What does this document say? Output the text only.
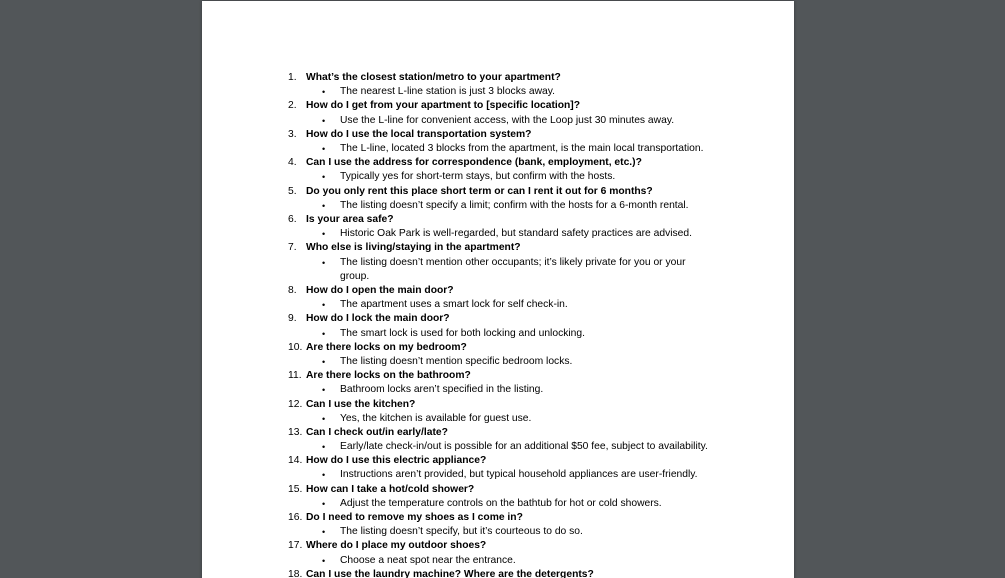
1. What’s the closest station/metro to your apartment?
•	The nearest L-line station is just 3 blocks away.
2. How do I get from your apartment to [specific location]?
•	Use the L-line for convenient access, with the Loop just 30 minutes away.
3. How do I use the local transportation system?
•	The L-line, located 3 blocks from the apartment, is the main local transportation.
4. Can I use the address for correspondence (bank, employment, etc.)?
•	Typically yes for short-term stays, but confirm with the hosts.
5. Do you only rent this place short term or can I rent it out for 6 months?
•	The listing doesn’t specify a limit; confirm with the hosts for a 6-month rental.
6. Is your area safe?
•	Historic Oak Park is well-regarded, but standard safety practices are advised.
7. Who else is living/staying in the apartment?
•	The listing doesn’t mention other occupants; it’s likely private for you or your group.
8. How do I open the main door?
•	The apartment uses a smart lock for self check-in.
9. How do I lock the main door?
•	The smart lock is used for both locking and unlocking.
10. Are there locks on my bedroom?
•	The listing doesn’t mention specific bedroom locks.
11. Are there locks on the bathroom?
•	Bathroom locks aren’t specified in the listing.
12. Can I use the kitchen?
•	Yes, the kitchen is available for guest use.
13. Can I check out/in early/late?
•	Early/late check-in/out is possible for an additional $50 fee, subject to availability.
14. How do I use this electric appliance?
•	Instructions aren’t provided, but typical household appliances are user-friendly.
15. How can I take a hot/cold shower?
•	Adjust the temperature controls on the bathtub for hot or cold showers.
16. Do I need to remove my shoes as I come in?
•	The listing doesn’t specify, but it’s courteous to do so.
17. Where do I place my outdoor shoes?
•	Choose a neat spot near the entrance.
18. Can I use the laundry machine? Where are the detergents?
